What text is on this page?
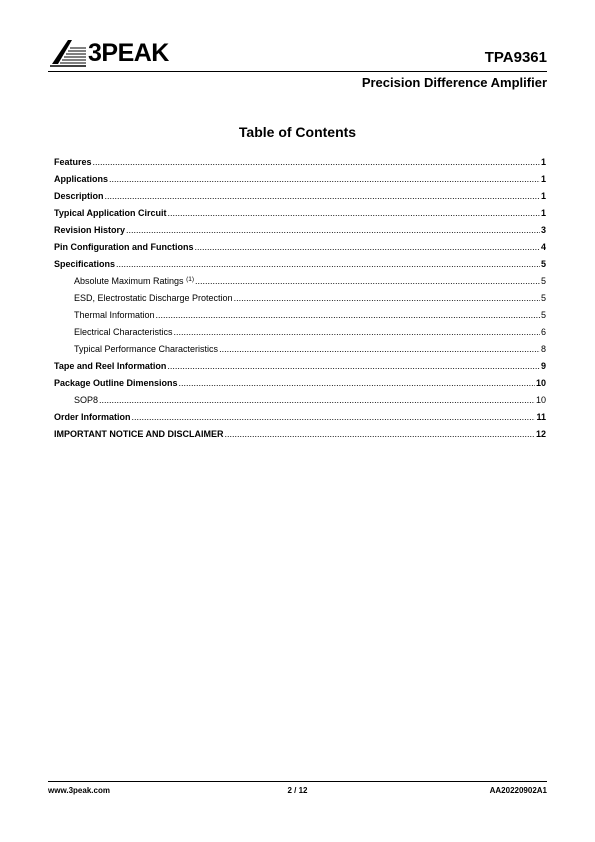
3PEAK	TPA9361
Precision Difference Amplifier
Table of Contents
Features .....	1
Applications .....	1
Description .....	1
Typical Application Circuit .....	1
Revision History .....	3
Pin Configuration and Functions .....	4
Specifications .....	5
Absolute Maximum Ratings $^{(1)}$ .....	5
ESD, Electrostatic Discharge Protection .....	5
Thermal Information .....	5
Electrical Characteristics .....	6
Typical Performance Characteristics .....	8
Tape and Reel Information .....	9
Package Outline Dimensions .....	10
SOP8 .....	10
Order Information .....	11
IMPORTANT NOTICE AND DISCLAIMER .....	12
www.3peak.com	2 / 12	AA20220902A1
